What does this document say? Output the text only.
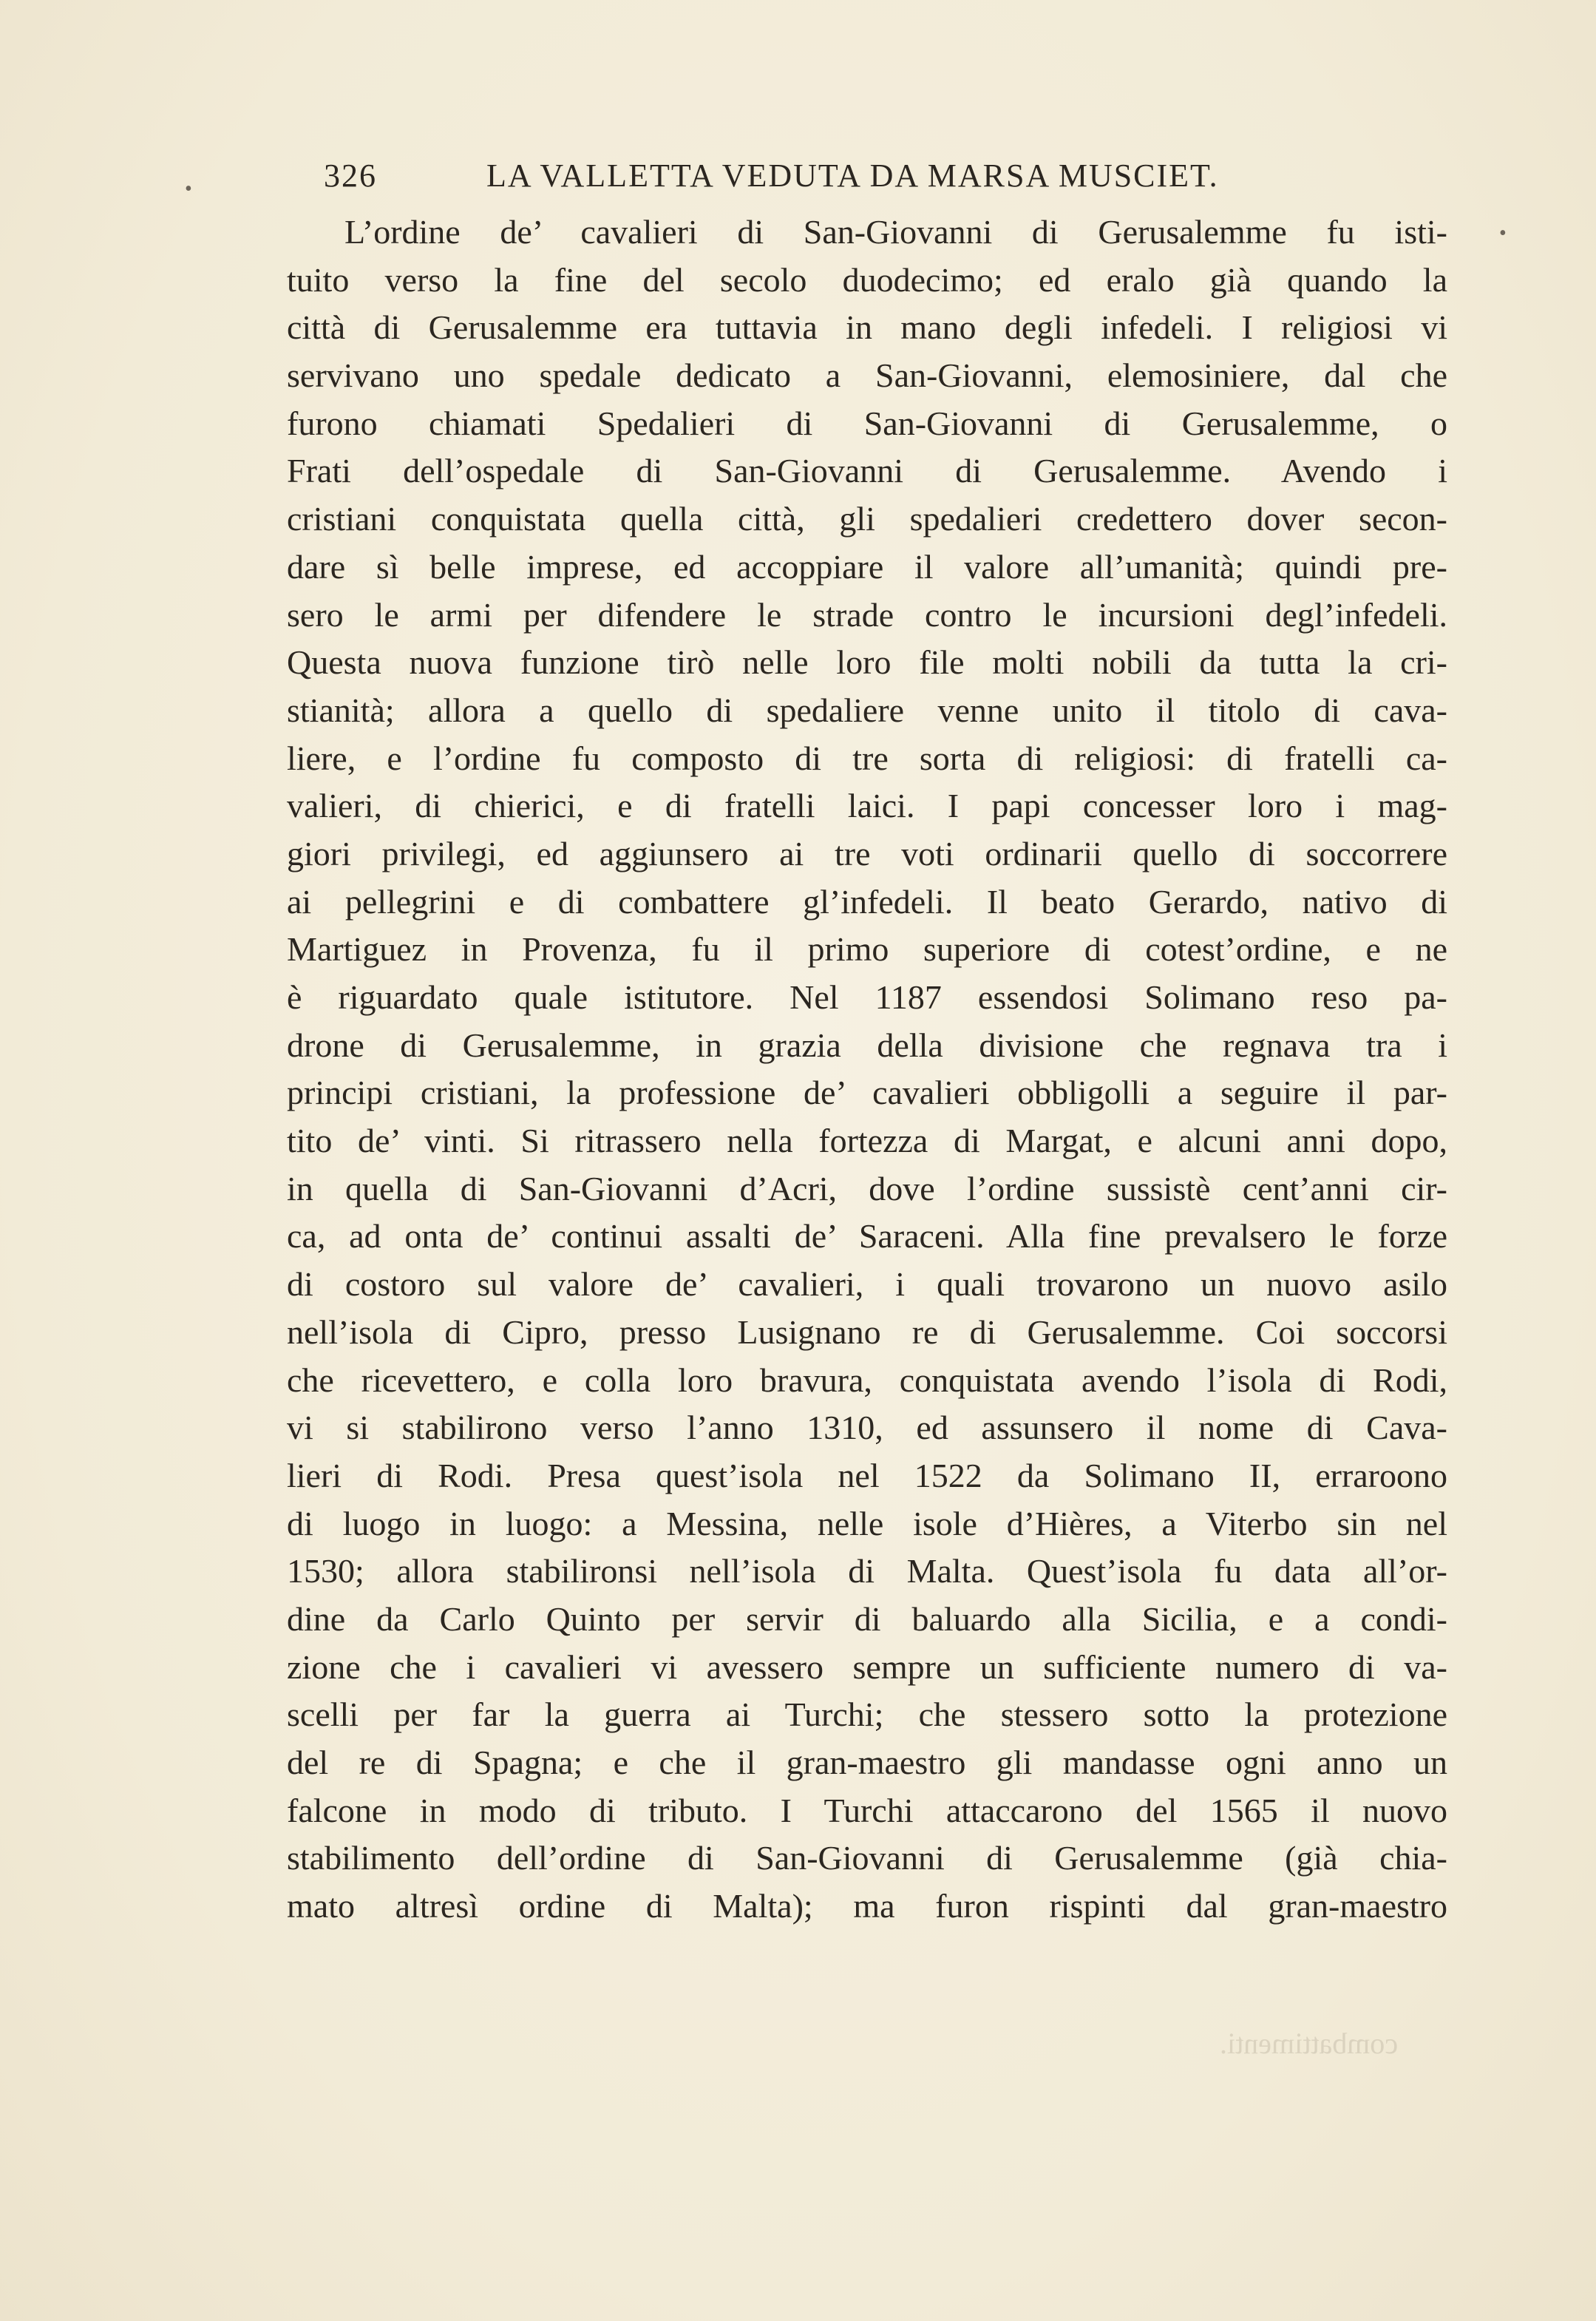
•
•
326	LA VALLETTA VEDUTA DA MARSA MUSCIET.
L’ordine de’ cavalieri di San-Giovanni di Gerusalemme fu isti-
tuito verso la fine del secolo duodecimo; ed eralo già quando la
città di Gerusalemme era tuttavia in mano degli infedeli. I religiosi vi
servivano uno spedale dedicato a San-Giovanni, elemosiniere, dal che
furono chiamati Spedalieri di San-Giovanni di Gerusalemme, o
Frati dell’ospedale di San-Giovanni di Gerusalemme. Avendo i
cristiani conquistata quella città, gli spedalieri credettero dover secon-
dare sì belle imprese, ed accoppiare il valore all’umanità; quindi pre-
sero le armi per difendere le strade contro le incursioni degl’infedeli.
Questa nuova funzione tirò nelle loro file molti nobili da tutta la cri-
stianità; allora a quello di spedaliere venne unito il titolo di cava-
liere, e l’ordine fu composto di tre sorta di religiosi: di fratelli ca-
valieri, di chierici, e di fratelli laici. I papi concesser loro i mag-
giori privilegi, ed aggiunsero ai tre voti ordinarii quello di soccorrere
ai pellegrini e di combattere gl’infedeli. Il beato Gerardo, nativo di
Martiguez in Provenza, fu il primo superiore di cotest’ordine, e ne
è riguardato quale istitutore. Nel 1187 essendosi Solimano reso pa-
drone di Gerusalemme, in grazia della divisione che regnava tra i
principi cristiani, la professione de’ cavalieri obbligolli a seguire il par-
tito de’ vinti. Si ritrassero nella fortezza di Margat, e alcuni anni dopo,
in quella di San-Giovanni d’Acri, dove l’ordine sussistè cent’anni cir-
ca, ad onta de’ continui assalti de’ Saraceni. Alla fine prevalsero le forze
di costoro sul valore de’ cavalieri, i quali trovarono un nuovo asilo
nell’isola di Cipro, presso Lusignano re di Gerusalemme. Coi soccorsi
che ricevettero, e colla loro bravura, conquistata avendo l’isola di Rodi,
vi si stabilirono verso l’anno 1310, ed assunsero il nome di Cava-
lieri di Rodi. Presa quest’isola nel 1522 da Solimano II, erraroono
di luogo in luogo: a Messina, nelle isole d’Hières, a Viterbo sin nel
1530; allora stabilironsi nell’isola di Malta. Quest’isola fu data all’or-
dine da Carlo Quinto per servir di baluardo alla Sicilia, e a condi-
zione che i cavalieri vi avessero sempre un sufficiente numero di va-
scelli per far la guerra ai Turchi; che stessero sotto la protezione
del re di Spagna; e che il gran-maestro gli mandasse ogni anno un
falcone in modo di tributo. I Turchi attaccarono del 1565 il nuovo
stabilimento dell’ordine di San-Giovanni di Gerusalemme (già chia-
mato altresì ordine di Malta); ma furon rispinti dal gran-maestro
combattimenti.
